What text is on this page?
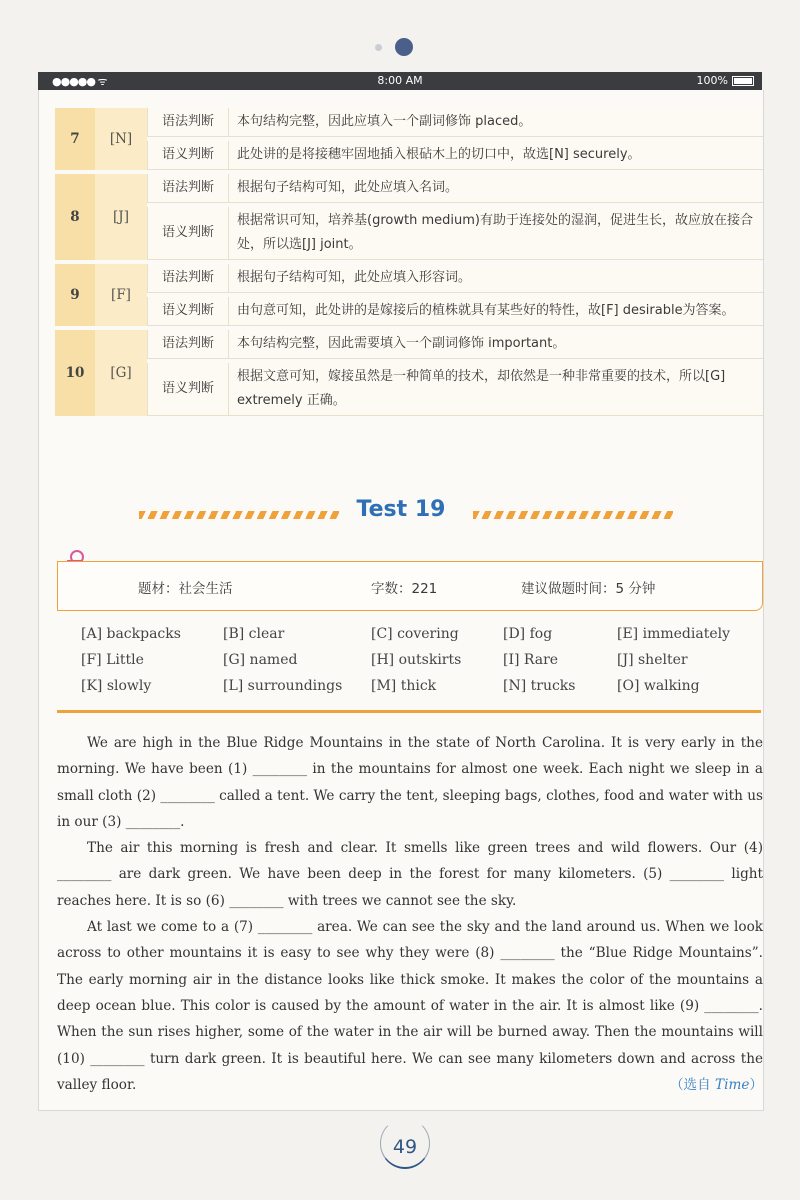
●●●●● ᯤ	8:00 AM	100%
7	[N]	语法判断	本句结构完整，因此应填入一个副词修饰 placed。
		语义判断	此处讲的是将接穗牢固地插入根砧木上的切口中，故选[N] securely。
8	[J]	语法判断	根据句子结构可知，此处应填入名词。
		语义判断	根据常识可知，培养基(growth medium)有助于连接处的湿润，促进生长，故应放在接合处，所以选[J] joint。
9	[F]	语法判断	根据句子结构可知，此处应填入形容词。
		语义判断	由句意可知，此处讲的是嫁接后的植株就具有某些好的特性，故[F] desirable为答案。
10	[G]	语法判断	本句结构完整，因此需要填入一个副词修饰 important。
		语义判断	根据文意可知，嫁接虽然是一种简单的技术，却依然是一种非常重要的技术，所以[G] extremely 正确。
Test 19
题材：社会生活	字数：221	建议做题时间：5 分钟
[A] backpacks	[B] clear	[C] covering	[D] fog	[E] immediately
[F] Little	[G] named	[H] outskirts	[I] Rare	[J] shelter
[K] slowly	[L] surroundings [M] thick	[N] trucks	[O] walking

We are high in the Blue Ridge Mountains in the state of North Carolina. It is very early in the morning. We have been (1) ________ in the mountains for almost one week. Each night we sleep in a small cloth (2) ________ called a tent. We carry the tent, sleeping bags, clothes, food and water with us in our (3) ________.

The air this morning is fresh and clear. It smells like green trees and wild flowers. Our (4) ________ are dark green. We have been deep in the forest for many kilometers. (5) ________ light reaches here. It is so (6) ________ with trees we cannot see the sky.

At last we come to a (7) ________ area. We can see the sky and the land around us. When we look across to other mountains it is easy to see why they were (8) ________ the “Blue Ridge Mountains”. The early morning air in the distance looks like thick smoke. It makes the color of the mountains a deep ocean blue. This color is caused by the amount of water in the air. It is almost like (9) ________. When the sun rises higher, some of the water in the air will be burned away. Then the mountains will (10) ________ turn dark green. It is beautiful here. We can see many kilometers down and across the valley floor.	（选自 Time）
49
